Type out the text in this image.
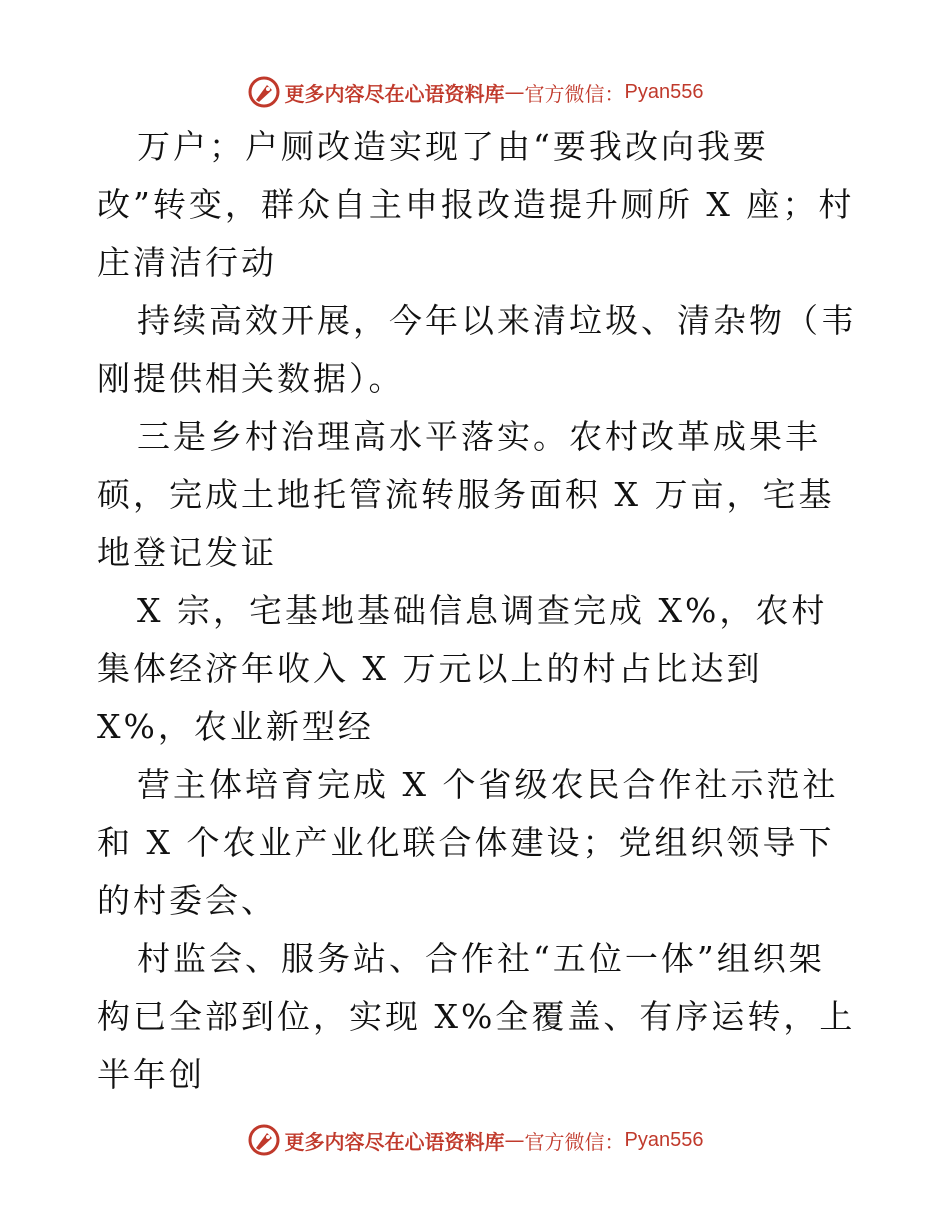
更多内容尽在心语资料库 — 官方微信： Pyan556

万户；户厕改造实现了由“要我改向我要改”转变，群众自主申报改造提升厕所 X 座；村庄清洁行动

持续高效开展，今年以来清垃圾、清杂物（韦刚提供相关数据）。

三是乡村治理高水平落实。农村改革成果丰硕，完成土地托管流转服务面积 X 万亩，宅基地登记发证

X 宗，宅基地基础信息调查完成 X%，农村集体经济年收入 X 万元以上的村占比达到 X%，农业新型经

营主体培育完成 X 个省级农民合作社示范社和 X 个农业产业化联合体建设；党组织领导下的村委会、

村监会、服务站、合作社“五位一体”组织架构已全部到位，实现 X%全覆盖、有序运转，上半年创

更多内容尽在心语资料库 — 官方微信： Pyan556
